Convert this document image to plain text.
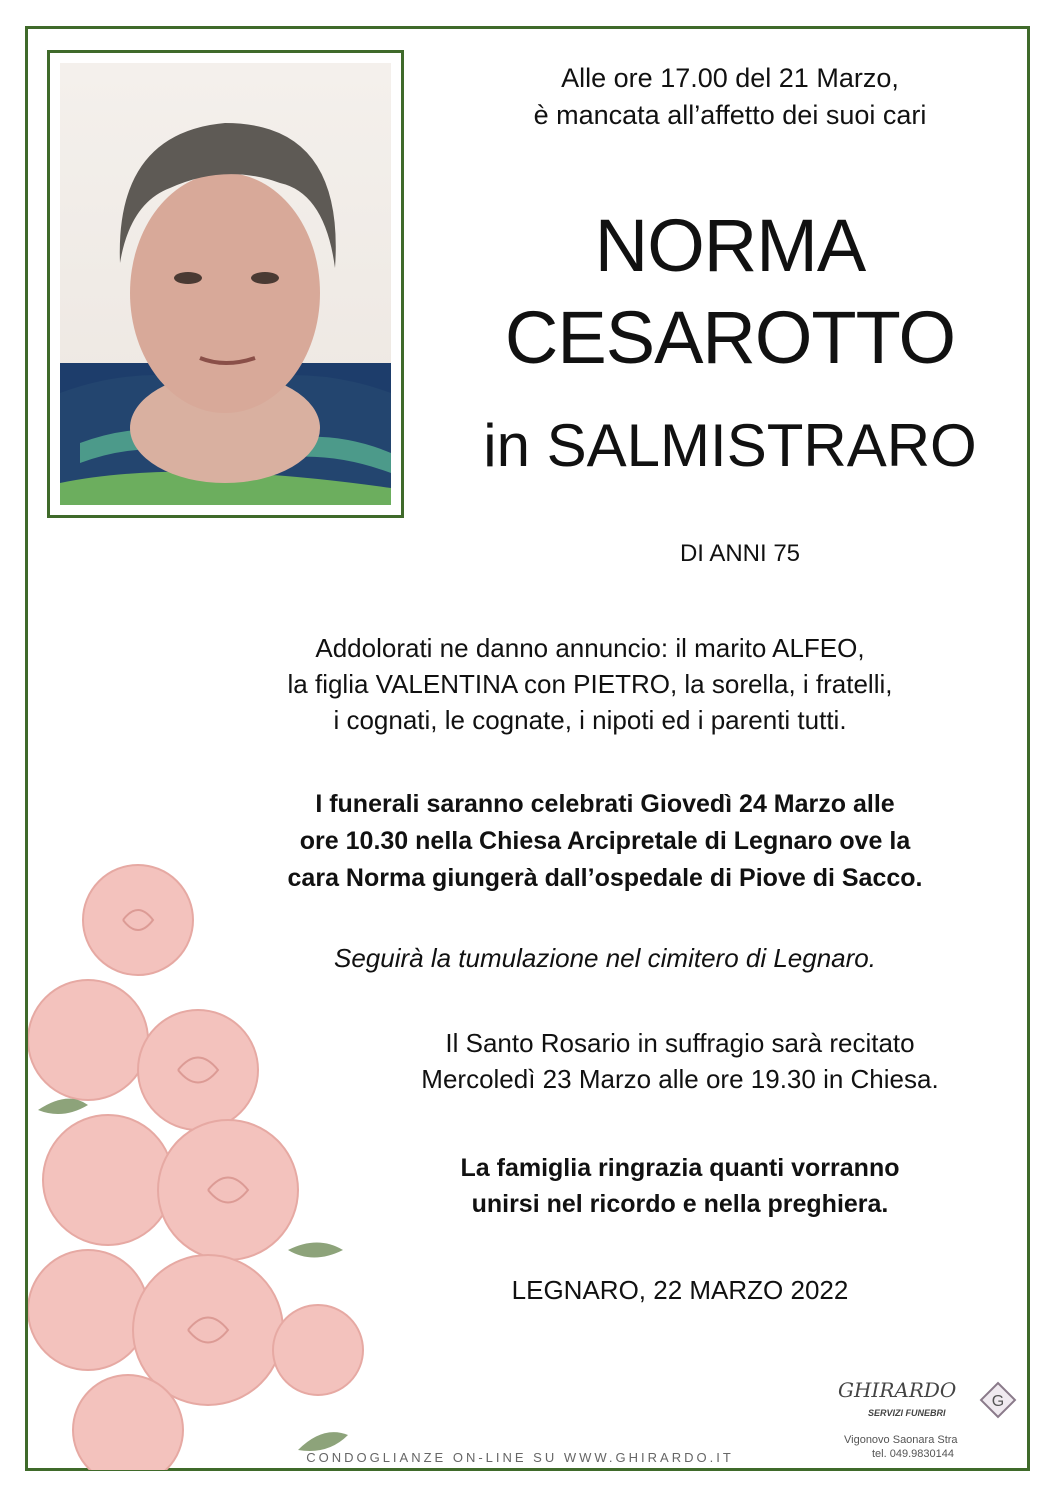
Alle ore 17.00 del 21 Marzo,
è mancata all’affetto dei suoi cari
NORMA
CESAROTTO
in SALMISTRARO
DI ANNI 75
Addolorati ne danno annuncio: il marito ALFEO,
la figlia VALENTINA con PIETRO, la sorella, i fratelli,
i cognati, le cognate, i nipoti ed i parenti tutti.
I funerali saranno celebrati Giovedì 24 Marzo alle
ore 10.30 nella Chiesa Arcipretale di Legnaro ove la
cara Norma giungerà dall’ospedale di Piove di Sacco.
Seguirà la tumulazione nel cimitero di Legnaro.
Il Santo Rosario in suffragio sarà recitato
Mercoledì 23 Marzo alle ore 19.30 in Chiesa.
La famiglia ringrazia quanti vorranno
unirsi nel ricordo e nella preghiera.
LEGNARO, 22 MARZO 2022
CONDOGLIANZE ON-LINE SU WWW.GHIRARDO.IT
GHIRARDO
SERVIZI FUNEBRI
G
Vigonovo Saonara Stra
tel. 049.9830144
